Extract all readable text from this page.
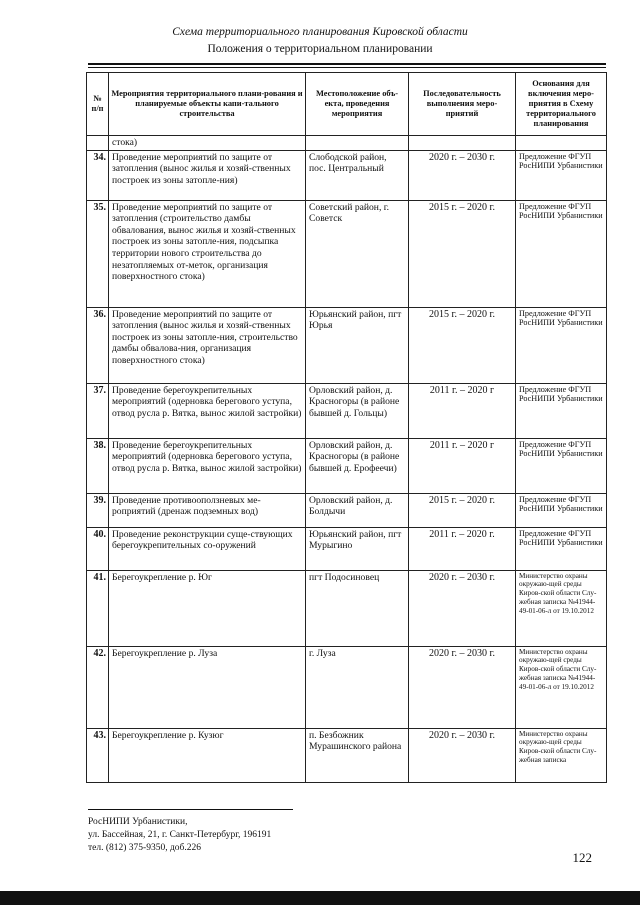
Схема территориального планирования Кировской области
Положения о территориальном планировании
№ п/п	Мероприятия территориального плани-рования и планируемые объекты капи-тального строительства	Местоположение объ-екта, проведения мероприятия	Последовательность выполнения меро-приятий	Основания для включения меро-приятия в Схему территориального планирования
	стока)			
34.	Проведение мероприятий по защите от затопления (вынос жилья и хозяй-ственных построек из зоны затопле-ния)	Слободской район, пос. Центральный	2020 г. – 2030 г.	Предложение ФГУП РосНИПИ Урбанистики
35.	Проведение мероприятий по защите от затопления (строительство дамбы обвалования, вынос жилья и хозяй-ственных построек из зоны затопле-ния, подсыпка территории нового строительства до незатопляемых от-меток, организация поверхностного стока)	Советский район, г. Советск	2015 г. – 2020 г.	Предложение ФГУП РосНИПИ Урбанистики
36.	Проведение мероприятий по защите от затопления (вынос жилья и хозяй-ственных построек из зоны затопле-ния, строительство дамбы обвалова-ния, организация поверхностного стока)	Юрьянский район, пгт Юрья	2015 г. – 2020 г.	Предложение ФГУП РосНИПИ Урбанистики
37.	Проведение берегоукрепительных мероприятий (одерновка берегового уступа, отвод русла р. Вятка, вынос жилой застройки)	Орловский район, д. Красногоры (в районе бывшей д. Гольцы)	2011 г. – 2020 г	Предложение ФГУП РосНИПИ Урбанистики
38.	Проведение берегоукрепительных мероприятий (одерновка берегового уступа, отвод русла р. Вятка, вынос жилой застройки)	Орловский район, д. Красногоры (в районе бывшей д. Ерофеечи)	2011 г. – 2020 г	Предложение ФГУП РосНИПИ Урбанистики
39.	Проведение противооползневых ме-роприятий (дренаж подземных вод)	Орловский район, д. Болдычи	2015 г. – 2020 г.	Предложение ФГУП РосНИПИ Урбанистики
40.	Проведение реконструкции суще-ствующих берегоукрепительных со-оружений	Юрьянский район, пгт Мурыгино	2011 г. – 2020 г.	Предложение ФГУП РосНИПИ Урбанистики
41.	Берегоукрепление р. Юг	пгт Подосиновец	2020 г. – 2030 г.	Министерство охраны окружаю-щей среды Киров-ской области Слу-жебная записка №41944-49-01-06-л от 19.10.2012
42.	Берегоукрепление р. Луза	г. Луза	2020 г. – 2030 г.	Министерство охраны окружаю-щей среды Киров-ской области Слу-жебная записка №41944-49-01-06-л от 19.10.2012
43.	Берегоукрепление р. Кузюг	п. Безбожник Мурашинского района	2020 г. – 2030 г.	Министерство охраны окружаю-щей среды Киров-ской области Слу-жебная записка
РосНИПИ Урбанистики,
ул. Бассейная, 21, г. Санкт-Петербург, 196191
тел. (812) 375-9350, доб.226
122
